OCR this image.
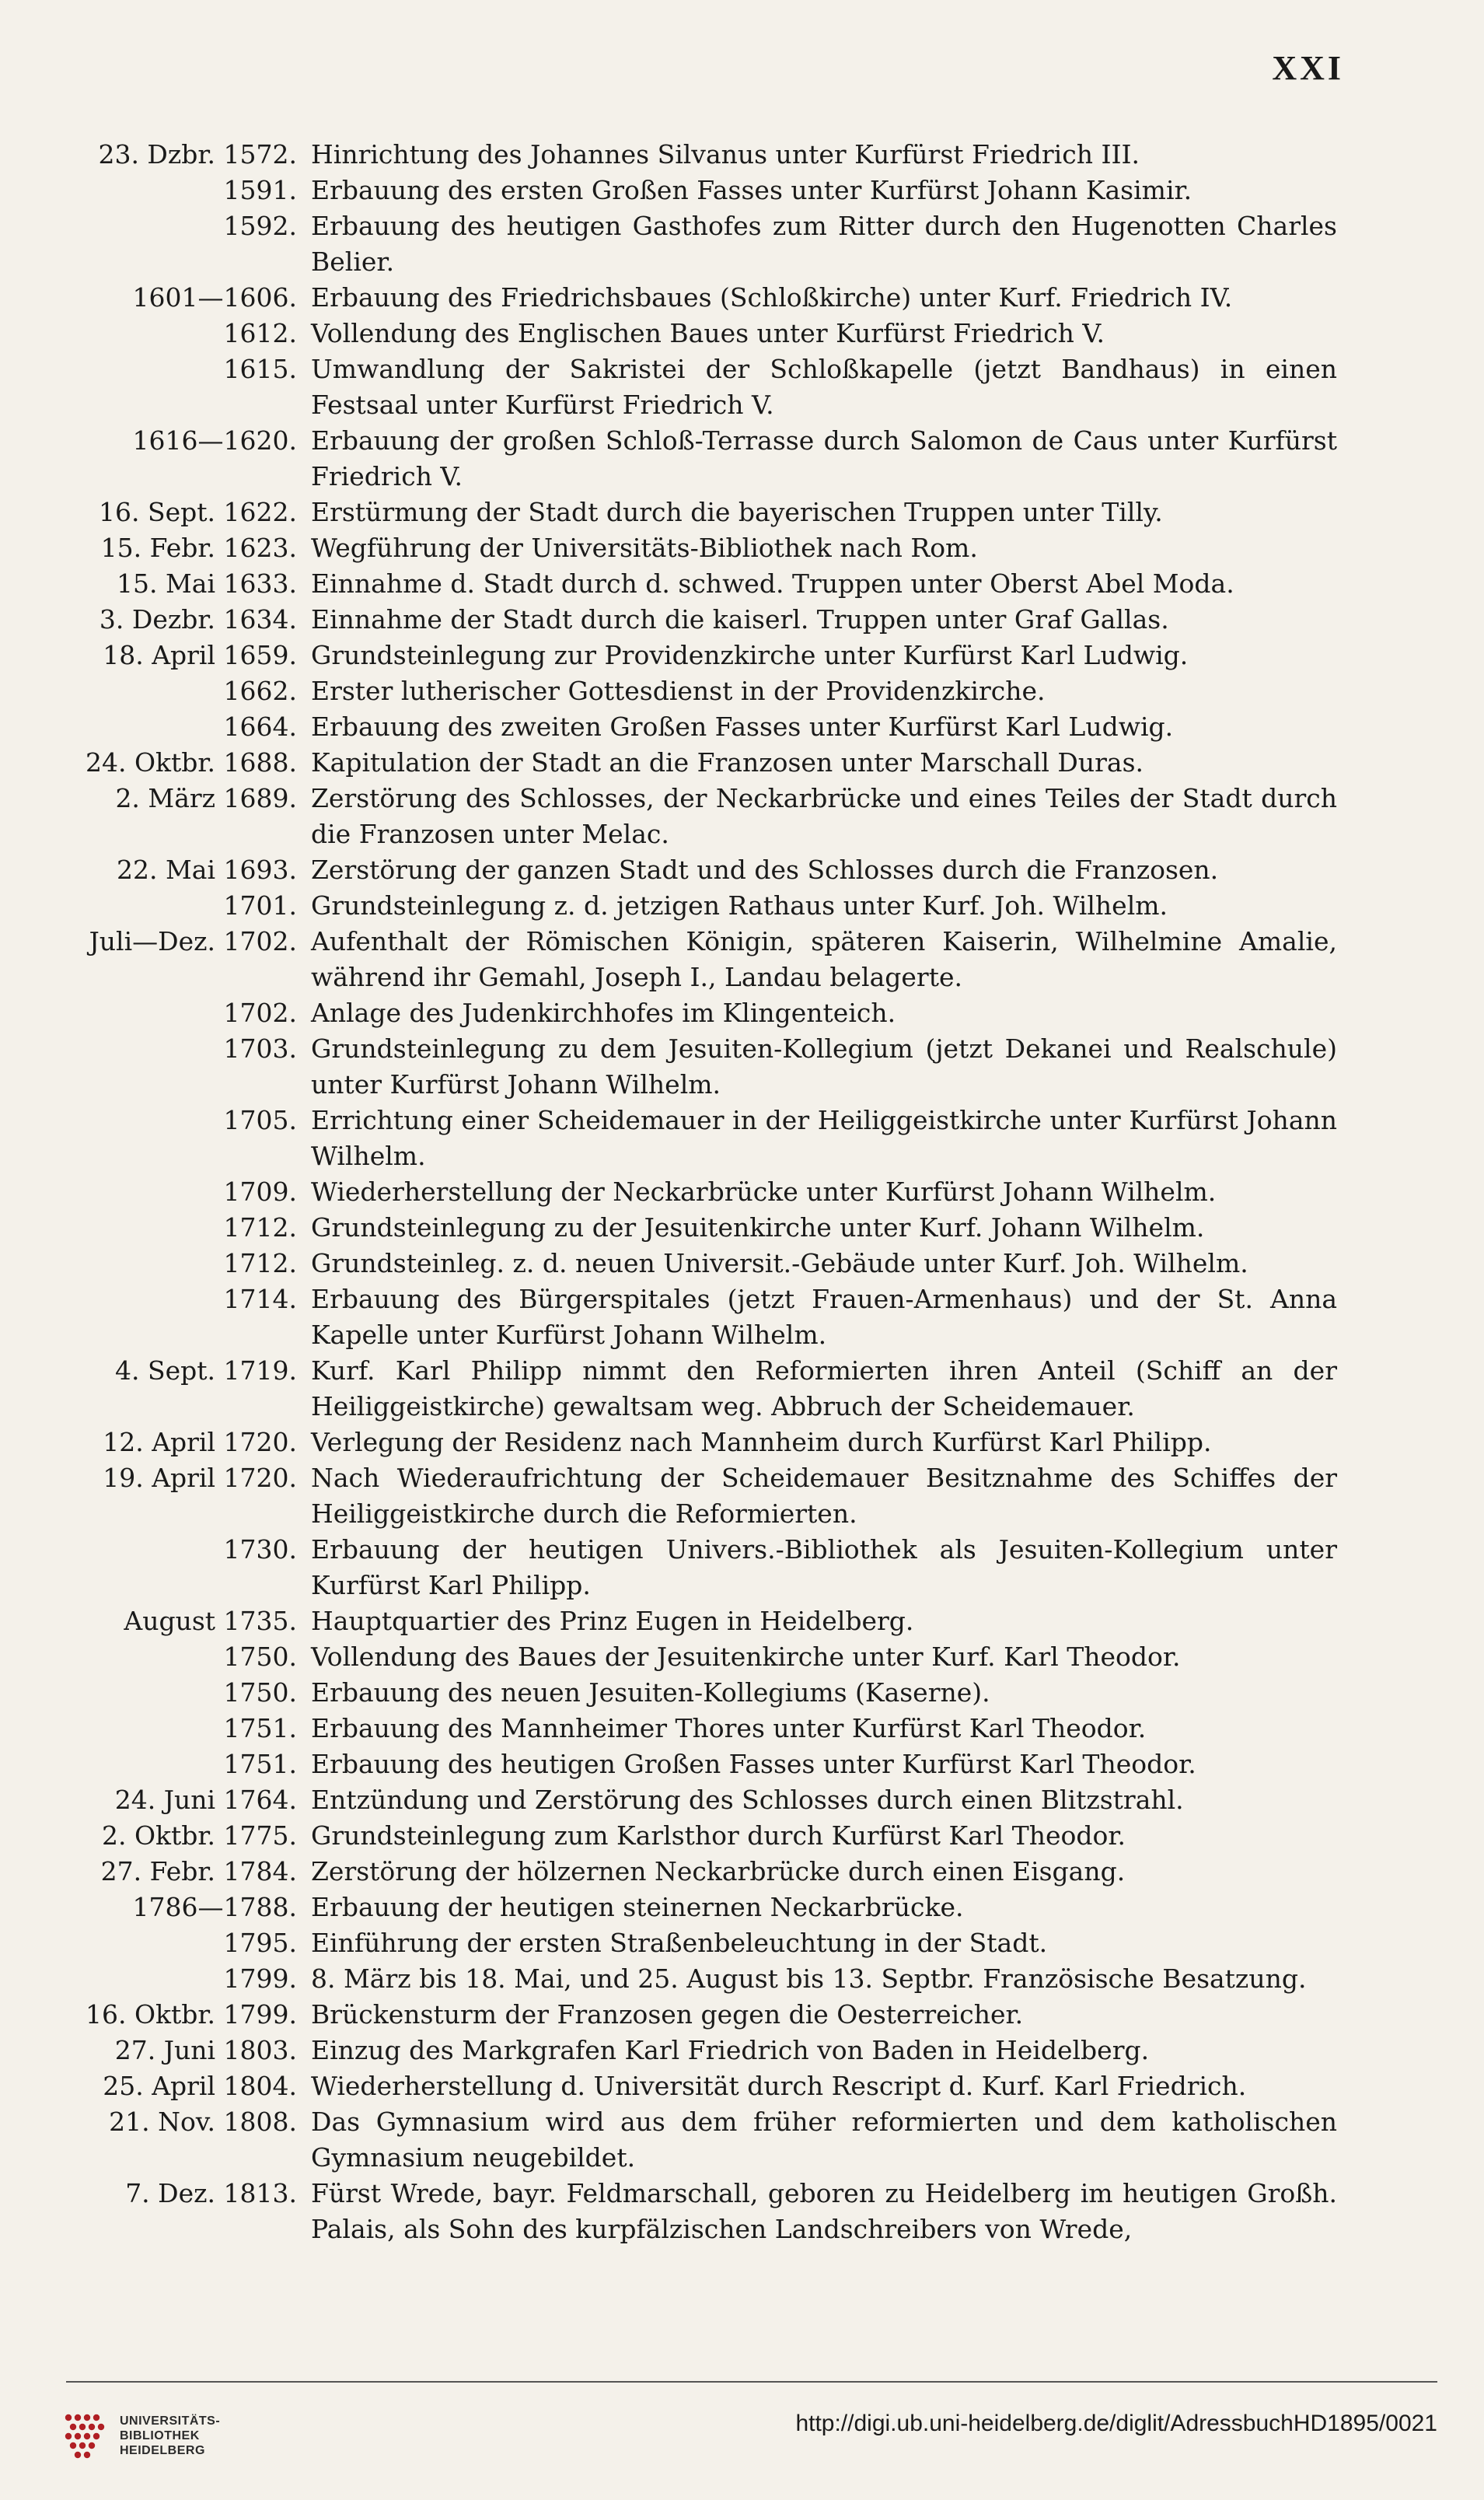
XXI
23. Dzbr. 1572. Hinrichtung des Johannes Silvanus unter Kurfürst Friedrich III.
1591. Erbauung des ersten Großen Fasses unter Kurfürst Johann Kasimir.
1592. Erbauung des heutigen Gasthofes zum Ritter durch den Hugenotten Charles Belier.
1601—1606. Erbauung des Friedrichsbaues (Schloßkirche) unter Kurf. Friedrich IV.
1612. Vollendung des Englischen Baues unter Kurfürst Friedrich V.
1615. Umwandlung der Sakristei der Schloßkapelle (jetzt Bandhaus) in einen Festsaal unter Kurfürst Friedrich V.
1616—1620. Erbauung der großen Schloß-Terrasse durch Salomon de Caus unter Kurfürst Friedrich V.
16. Sept. 1622. Erstürmung der Stadt durch die bayerischen Truppen unter Tilly.
15. Febr. 1623. Wegführung der Universitäts-Bibliothek nach Rom.
15. Mai 1633. Einnahme d. Stadt durch d. schwed. Truppen unter Oberst Abel Moda.
3. Dezbr. 1634. Einnahme der Stadt durch die kaiserl. Truppen unter Graf Gallas.
18. April 1659. Grundsteinlegung zur Providenzkirche unter Kurfürst Karl Ludwig.
1662. Erster lutherischer Gottesdienst in der Providenzkirche.
1664. Erbauung des zweiten Großen Fasses unter Kurfürst Karl Ludwig.
24. Oktbr. 1688. Kapitulation der Stadt an die Franzosen unter Marschall Duras.
2. März 1689. Zerstörung des Schlosses, der Neckarbrücke und eines Teiles der Stadt durch die Franzosen unter Melac.
22. Mai 1693. Zerstörung der ganzen Stadt und des Schlosses durch die Franzosen.
1701. Grundsteinlegung z. d. jetzigen Rathaus unter Kurf. Joh. Wilhelm.
Juli—Dez. 1702. Aufenthalt der Römischen Königin, späteren Kaiserin, Wilhelmine Amalie, während ihr Gemahl, Joseph I., Landau belagerte.
1702. Anlage des Judenkirchhofes im Klingenteich.
1703. Grundsteinlegung zu dem Jesuiten-Kollegium (jetzt Dekanei und Realschule) unter Kurfürst Johann Wilhelm.
1705. Errichtung einer Scheidemauer in der Heiliggeistkirche unter Kurfürst Johann Wilhelm.
1709. Wiederherstellung der Neckarbrücke unter Kurfürst Johann Wilhelm.
1712. Grundsteinlegung zu der Jesuitenkirche unter Kurf. Johann Wilhelm.
1712. Grundsteinleg. z. d. neuen Universit.-Gebäude unter Kurf. Joh. Wilhelm.
1714. Erbauung des Bürgerspitales (jetzt Frauen-Armenhaus) und der St. Anna Kapelle unter Kurfürst Johann Wilhelm.
4. Sept. 1719. Kurf. Karl Philipp nimmt den Reformierten ihren Anteil (Schiff an der Heiliggeistkirche) gewaltsam weg. Abbruch der Scheidemauer.
12. April 1720. Verlegung der Residenz nach Mannheim durch Kurfürst Karl Philipp.
19. April 1720. Nach Wiederaufrichtung der Scheidemauer Besitznahme des Schiffes der Heiliggeistkirche durch die Reformierten.
1730. Erbauung der heutigen Univers.-Bibliothek als Jesuiten-Kollegium unter Kurfürst Karl Philipp.
August 1735. Hauptquartier des Prinz Eugen in Heidelberg.
1750. Vollendung des Baues der Jesuitenkirche unter Kurf. Karl Theodor.
1750. Erbauung des neuen Jesuiten-Kollegiums (Kaserne).
1751. Erbauung des Mannheimer Thores unter Kurfürst Karl Theodor.
1751. Erbauung des heutigen Großen Fasses unter Kurfürst Karl Theodor.
24. Juni 1764. Entzündung und Zerstörung des Schlosses durch einen Blitzstrahl.
2. Oktbr. 1775. Grundsteinlegung zum Karlsthor durch Kurfürst Karl Theodor.
27. Febr. 1784. Zerstörung der hölzernen Neckarbrücke durch einen Eisgang.
1786—1788. Erbauung der heutigen steinernen Neckarbrücke.
1795. Einführung der ersten Straßenbeleuchtung in der Stadt.
1799. 8. März bis 18. Mai, und 25. August bis 13. Septbr. Französische Besatzung.
16. Oktbr. 1799. Brückensturm der Franzosen gegen die Oesterreicher.
27. Juni 1803. Einzug des Markgrafen Karl Friedrich von Baden in Heidelberg.
25. April 1804. Wiederherstellung d. Universität durch Rescript d. Kurf. Karl Friedrich.
21. Nov. 1808. Das Gymnasium wird aus dem früher reformierten und dem katholischen Gymnasium neugebildet.
7. Dez. 1813. Fürst Wrede, bayr. Feldmarschall, geboren zu Heidelberg im heutigen Großh. Palais, als Sohn des kurpfälzischen Landschreibers von Wrede,
UNIVERSITÄTS-
BIBLIOTHEK
HEIDELBERG
http://digi.ub.uni-heidelberg.de/diglit/AdressbuchHD1895/0021
